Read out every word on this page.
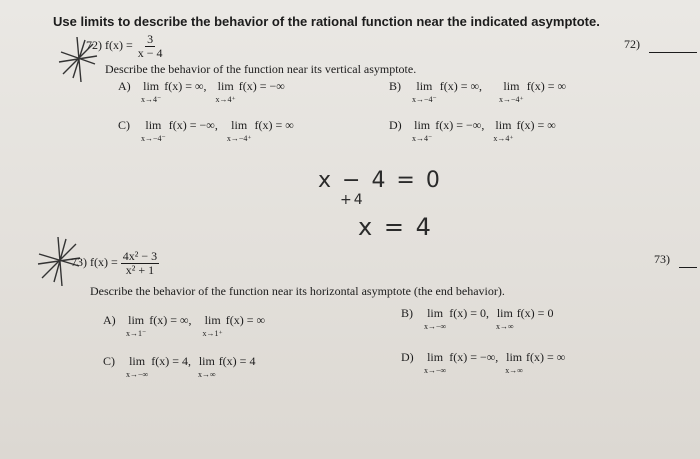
Use limits to describe the behavior of the rational function near the indicated asymptote.
72) $f(x) = \frac{3}{x - 4}$	72)
Describe the behavior of the function near its vertical asymptote.
A) lim
x→4⁻
f(x) = ∞, lim
x→4⁺
f(x) = −∞	B)	lim
x→−4⁻
f(x) = ∞,	lim
x→−4⁺
f(x) = ∞
C)	lim
x→−4⁻
f(x) = −∞,	lim
x→−4⁺
f(x) = ∞	D) lim
x→4⁻
f(x) = −∞, lim
x→4⁺
f(x) = ∞
x − 4 = 0
+4
x = 4
73) $f(x) = \frac{\text{4x² − 3}}{\text{x² + 1}}$	73)
Describe the behavior of the function near its horizontal asymptote (the end behavior).
A) lim
x→1⁻
f(x) = ∞, lim
x→1⁺
f(x) = ∞	B) lim
x→−∞
f(x) = 0, lim
x→∞
f(x) = 0
C) lim
x→−∞
f(x) = 4, lim
x→∞
f(x) = 4	D) lim
x→−∞
f(x) = −∞, lim
x→∞
f(x) = ∞
